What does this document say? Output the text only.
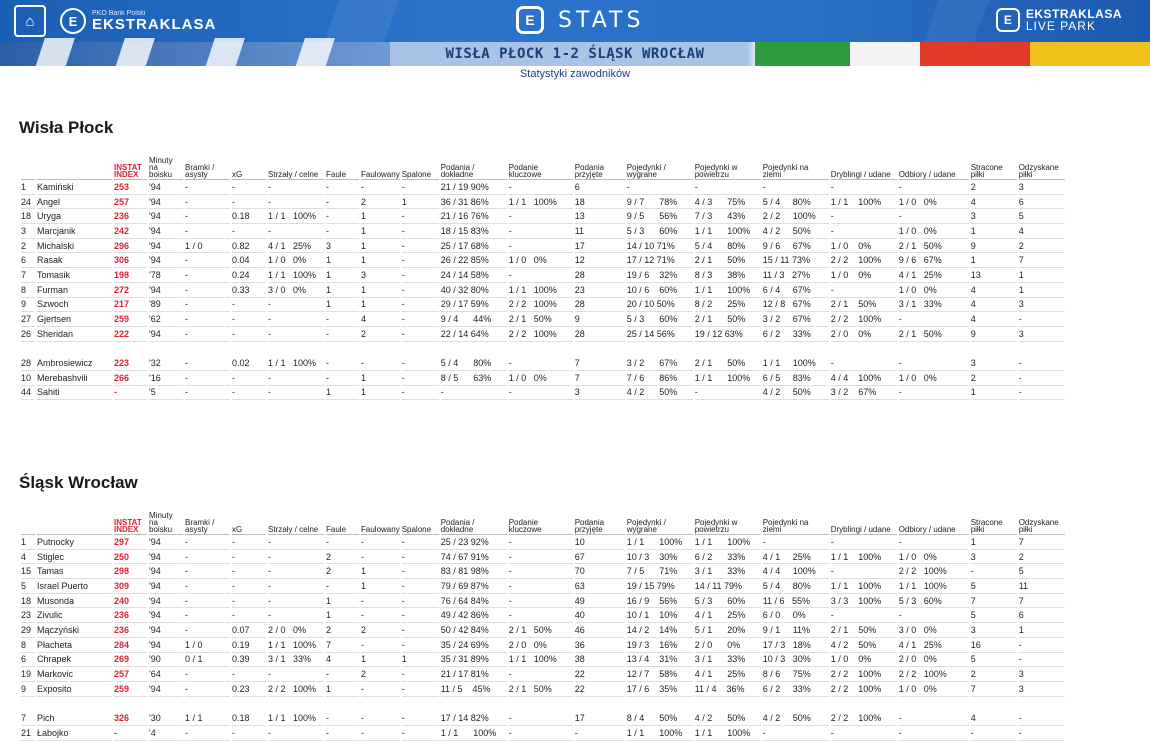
⌂	E	PKO Bank Polski
EKSTRAKLASA	E	STATS	E	EKSTRAKLASA
LIVE PARK
WISŁA PŁOCK 1-2 ŚLĄSK WROCŁAW
Statystyki zawodników
Wisła Płock
		INSTAT INDEX	Minuty na boisku	Bramki / asysty	xG	Strzały / celne	Faule	Faulowany	Spalone	Podania / dokładne	Podanie kluczowe	Podania przyjęte	Pojedynki / wygrane	Pojedynki w powietrzu	Pojedynki na ziemi	Dryblingi / udane	Odbiory / udane	Stracone piłki	Odzyskane piłki
1	Kamiński	253	'94	-	-	-	-	-	-	21 / 19 90%	-	6	-	-	-	-	-	2	3
24	Angel	257	'94	-	-	-	-	2	1	36 / 31 86%	1 / 1   100%	18	9 / 7      78%	4 / 3      75%	5 / 4     80%	1 / 1    100%	1 / 0   0%	4	6
18	Uryga	236	'94	-	0.18	1 / 1   100%	-	1	-	21 / 16 76%	-	13	9 / 5      56%	7 / 3      43%	2 / 2     100%	-	-	3	5
3	Marcjanik	242	'94	-	-	-	-	1	-	18 / 15 83%	-	11	5 / 3      60%	1 / 1      100%	4 / 2     50%	-	1 / 0   0%	1	4
2	Michalski	296	'94	1 / 0	0.82	4 / 1   25%	3	1	-	25 / 17 68%	-	17	14 / 10 71%	5 / 4      80%	9 / 6     67%	1 / 0    0%	2 / 1   50%	9	2
6	Rasak	306	'94	-	0.04	1 / 0   0%	1	1	-	26 / 22 85%	1 / 0   0%	12	17 / 12 71%	2 / 1      50%	15 / 11 73%	2 / 2    100%	9 / 6   67%	1	7
7	Tomasik	198	'78	-	0.24	1 / 1   100%	1	3	-	24 / 14 58%	-	28	19 / 6    32%	8 / 3      38%	11 / 3   27%	1 / 0    0%	4 / 1   25%	13	1
8	Furman	272	'94	-	0.33	3 / 0   0%	1	1	-	40 / 32 80%	1 / 1   100%	23	10 / 6    60%	1 / 1      100%	6 / 4     67%	-	1 / 0   0%	4	1
9	Szwoch	217	'89	-	-	-	1	1	-	29 / 17 59%	2 / 2   100%	28	20 / 10 50%	8 / 2      25%	12 / 8   67%	2 / 1    50%	3 / 1   33%	4	3
27	Gjertsen	259	'62	-	-	-	-	4	-	9 / 4      44%	2 / 1   50%	9	5 / 3      60%	2 / 1      50%	3 / 2     67%	2 / 2    100%	-	4	-
26	Sheridan	222	'94	-	-	-	-	2	-	22 / 14 64%	2 / 2   100%	28	25 / 14 56%	19 / 12 63%	6 / 2     33%	2 / 0    0%	2 / 1   50%	9	3

28	Ambrosiewicz	223	'32	-	0.02	1 / 1   100%	-	-	-	5 / 4      80%	-	7	3 / 2      67%	2 / 1      50%	1 / 1     100%	-	-	3	-
10	Merebashvili	266	'16	-	-	-	-	1	-	8 / 5      63%	1 / 0   0%	7	7 / 6      86%	1 / 1      100%	6 / 5     83%	4 / 4    100%	1 / 0   0%	2	-
44	Sahiti	-	'5	-	-	-	1	1	-	-	-	3	4 / 2      50%	-	4 / 2     50%	3 / 2    67%	-	1	-
Śląsk Wrocław
		INSTAT INDEX	Minuty na boisku	Bramki / asysty	xG	Strzały / celne	Faule	Faulowany	Spalone	Podania / dokładne	Podanie kluczowe	Podania przyjęte	Pojedynki / wygrane	Pojedynki w powietrzu	Pojedynki na ziemi	Dryblingi / udane	Odbiory / udane	Stracone piłki	Odzyskane piłki
1	Putnocky	297	'94	-	-	-	-	-	-	25 / 23 92%	-	10	1 / 1      100%	1 / 1      100%	-	-	-	1	7
4	Stiglec	250	'94	-	-	-	2	-	-	74 / 67 91%	-	67	10 / 3    30%	6 / 2      33%	4 / 1     25%	1 / 1    100%	1 / 0   0%	3	2
15	Tamas	298	'94	-	-	-	2	1	-	83 / 81 98%	-	70	7 / 5      71%	3 / 1      33%	4 / 4     100%	-	2 / 2   100%	-	5
5	Israel Puerto	309	'94	-	-	-	-	1	-	79 / 69 87%	-	63	19 / 15 79%	14 / 11 79%	5 / 4     80%	1 / 1    100%	1 / 1   100%	5	11
18	Musonda	240	'94	-	-	-	1	-	-	76 / 64 84%	-	49	16 / 9    56%	5 / 3      60%	11 / 6   55%	3 / 3    100%	5 / 3   60%	7	7
23	Zivulic	236	'94	-	-	-	1	-	-	49 / 42 86%	-	40	10 / 1    10%	4 / 1      25%	6 / 0     0%	-	-	5	6
29	Mączyński	236	'94	-	0.07	2 / 0   0%	2	2	-	50 / 42 84%	2 / 1   50%	46	14 / 2    14%	5 / 1      20%	9 / 1     11%	2 / 1    50%	3 / 0   0%	3	1
8	Płacheta	284	'94	1 / 0	0.19	1 / 1   100%	7	-	-	35 / 24 69%	2 / 0   0%	36	19 / 3    16%	2 / 0      0%	17 / 3   18%	4 / 2    50%	4 / 1   25%	16	-
6	Chrapek	269	'90	0 / 1	0.39	3 / 1   33%	4	1	1	35 / 31 89%	1 / 1   100%	38	13 / 4    31%	3 / 1      33%	10 / 3   30%	1 / 0    0%	2 / 0   0%	5	-
19	Markovic	257	'64	-	-	-	-	2	-	21 / 17 81%	-	22	12 / 7    58%	4 / 1      25%	8 / 6     75%	2 / 2    100%	2 / 2   100%	2	3
9	Exposito	259	'94	-	0.23	2 / 2   100%	1	-	-	11 / 5    45%	2 / 1   50%	22	17 / 6    35%	11 / 4    36%	6 / 2     33%	2 / 2    100%	1 / 0   0%	7	3

7	Pich	326	'30	1 / 1	0.18	1 / 1   100%	-	-	-	17 / 14 82%	-	17	8 / 4      50%	4 / 2      50%	4 / 2     50%	2 / 2    100%	-	4	-
21	Łabojko	-	'4	-	-	-	-	-	-	1 / 1      100%	-	-	1 / 1      100%	1 / 1      100%	-	-	-	-	-
